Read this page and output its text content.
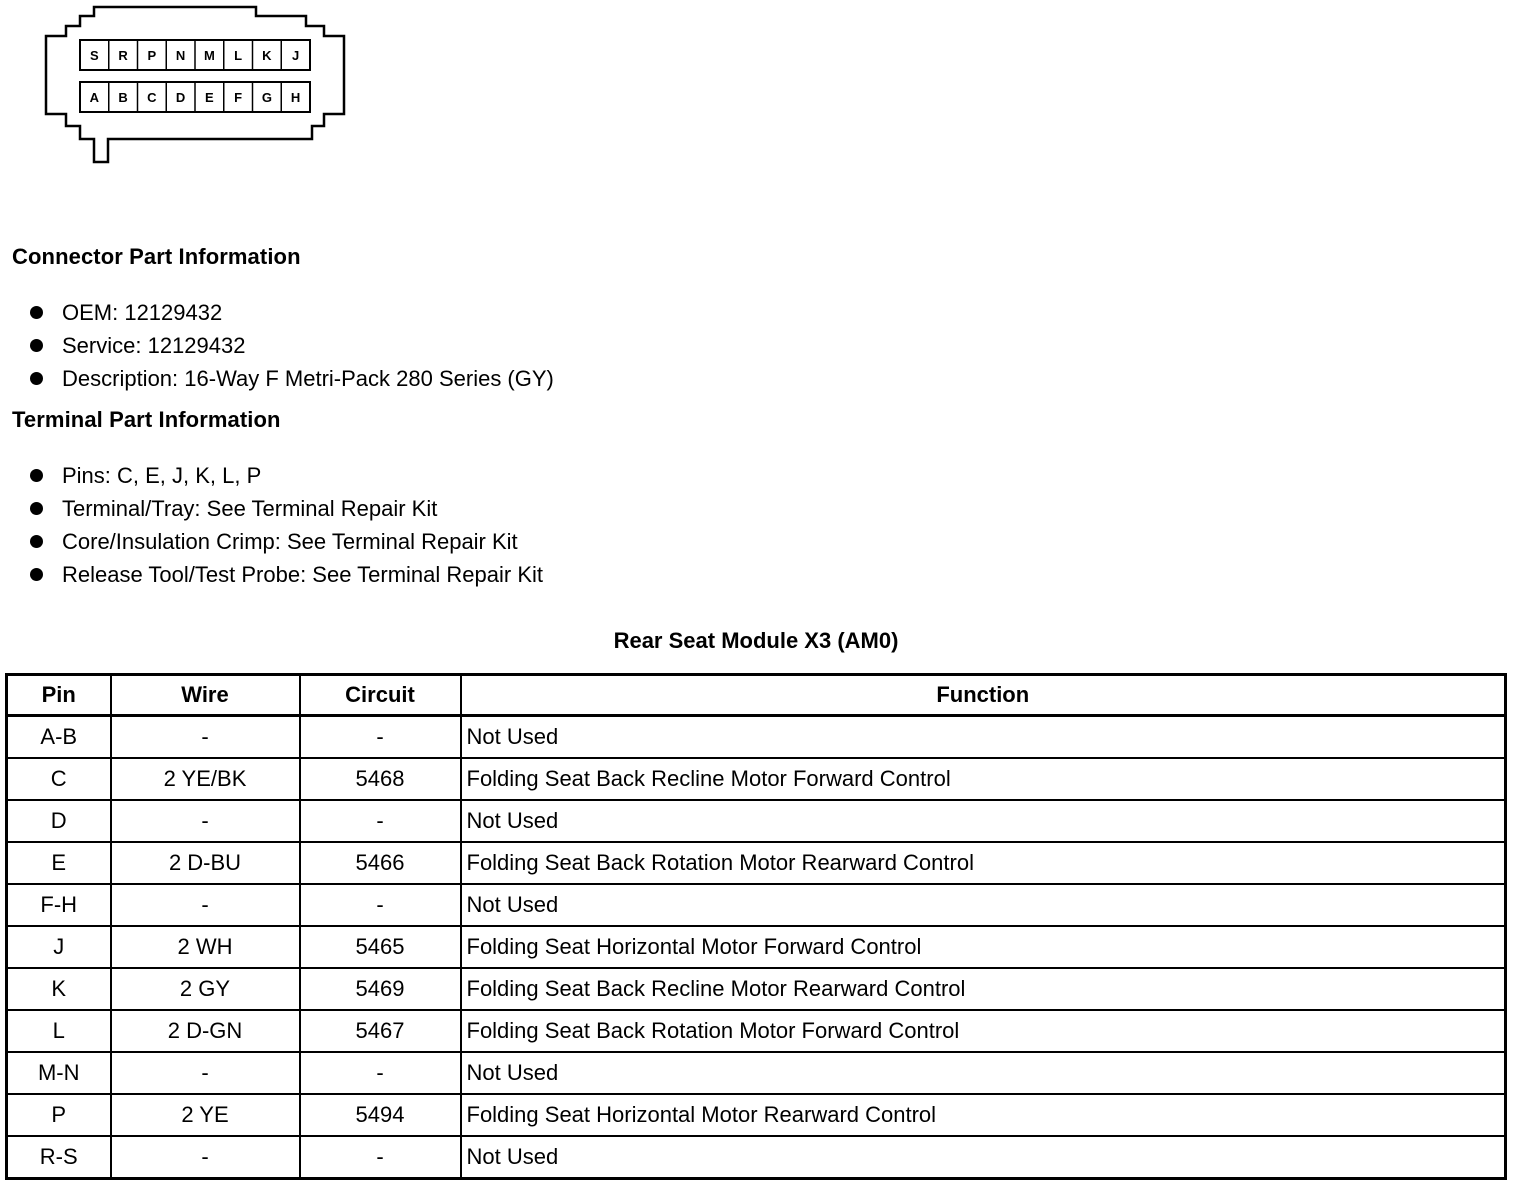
S R P N M L K J
A B C D E F G H
Connector Part Information
OEM: 12129432
Service: 12129432
Description: 16-Way F Metri-Pack 280 Series (GY)
Terminal Part Information
Pins: C, E, J, K, L, P
Terminal/Tray: See Terminal Repair Kit
Core/Insulation Crimp: See Terminal Repair Kit
Release Tool/Test Probe: See Terminal Repair Kit
Rear Seat Module X3 (AM0)
Pin	Wire	Circuit	Function
A-B	-	-	Not Used
C	2 YE/BK	5468	Folding Seat Back Recline Motor Forward Control
D	-	-	Not Used
E	2 D-BU	5466	Folding Seat Back Rotation Motor Rearward Control
F-H	-	-	Not Used
J	2 WH	5465	Folding Seat Horizontal Motor Forward Control
K	2 GY	5469	Folding Seat Back Recline Motor Rearward Control
L	2 D-GN	5467	Folding Seat Back Rotation Motor Forward Control
M-N	-	-	Not Used
P	2 YE	5494	Folding Seat Horizontal Motor Rearward Control
R-S	-	-	Not Used
